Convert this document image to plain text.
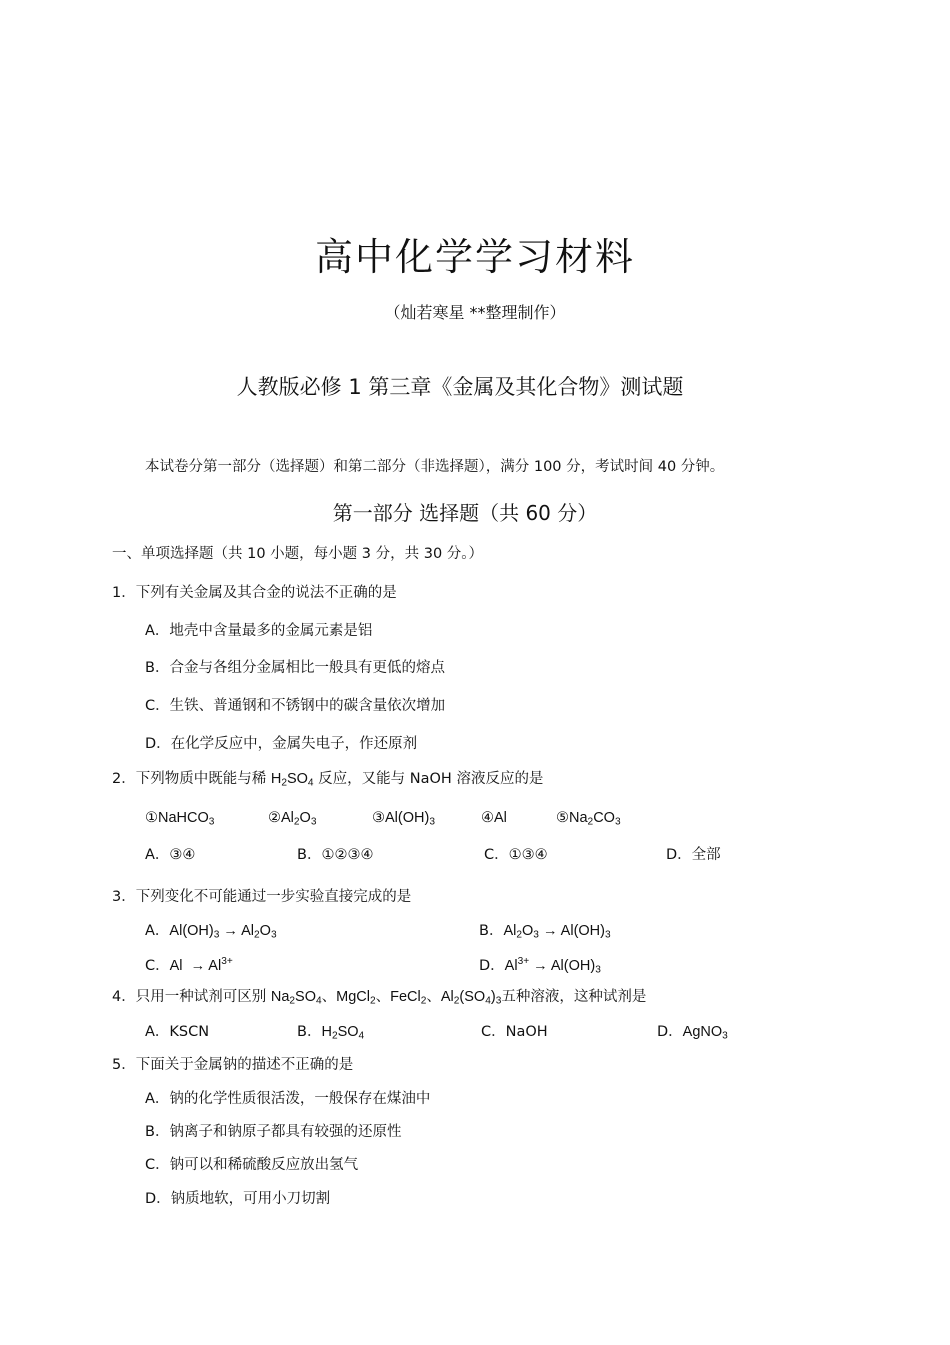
高中化学学习材料
（灿若寒星 **整理制作）
人教版必修 1 第三章《金属及其化合物》测试题
本试卷分第一部分（选择题）和第二部分（非选择题），满分 100 分，考试时间 40 分钟。
第一部分 选择题（共 60 分）
一、单项选择题（共 10 小题，每小题 3 分，共 30 分。）
1．下列有关金属及其合金的说法不正确的是
A．地壳中含量最多的金属元素是铝
B．合金与各组分金属相比一般具有更低的熔点
C．生铁、普通钢和不锈钢中的碳含量依次增加
D．在化学反应中，金属失电子，作还原剂
2．下列物质中既能与稀 $H_2SO_4$ 反应，又能与 NaOH 溶液反应的是
①NaHCO$_3$	$②Al_2O_3$	$③Al(OH)_3$	④Al	$⑤Na_2CO_3$
A．③④	B．①②③④	C．①③④	D．全部
3．下列变化不可能通过一步实验直接完成的是
A．$Al(OH)_3 \to Al_2O_3$	B．$Al_2O_3 \to Al(OH)_3$
C．$Al \to Al^{3+}$	D．$Al^{3+} \to Al(OH)_3$
4．只用一种试剂可区别 $Na_2SO_4$、MgCl$_2$、FeCl$_2$、$Al_2(SO_4)_3$五种溶液，这种试剂是
A．KSCN	B．$H_2SO_4$	C．NaOH	D．AgNO$_3$
5．下面关于金属钠的描述不正确的是
A．钠的化学性质很活泼，一般保存在煤油中
B．钠离子和钠原子都具有较强的还原性
C．钠可以和稀硫酸反应放出氢气
D．钠质地软，可用小刀切割
